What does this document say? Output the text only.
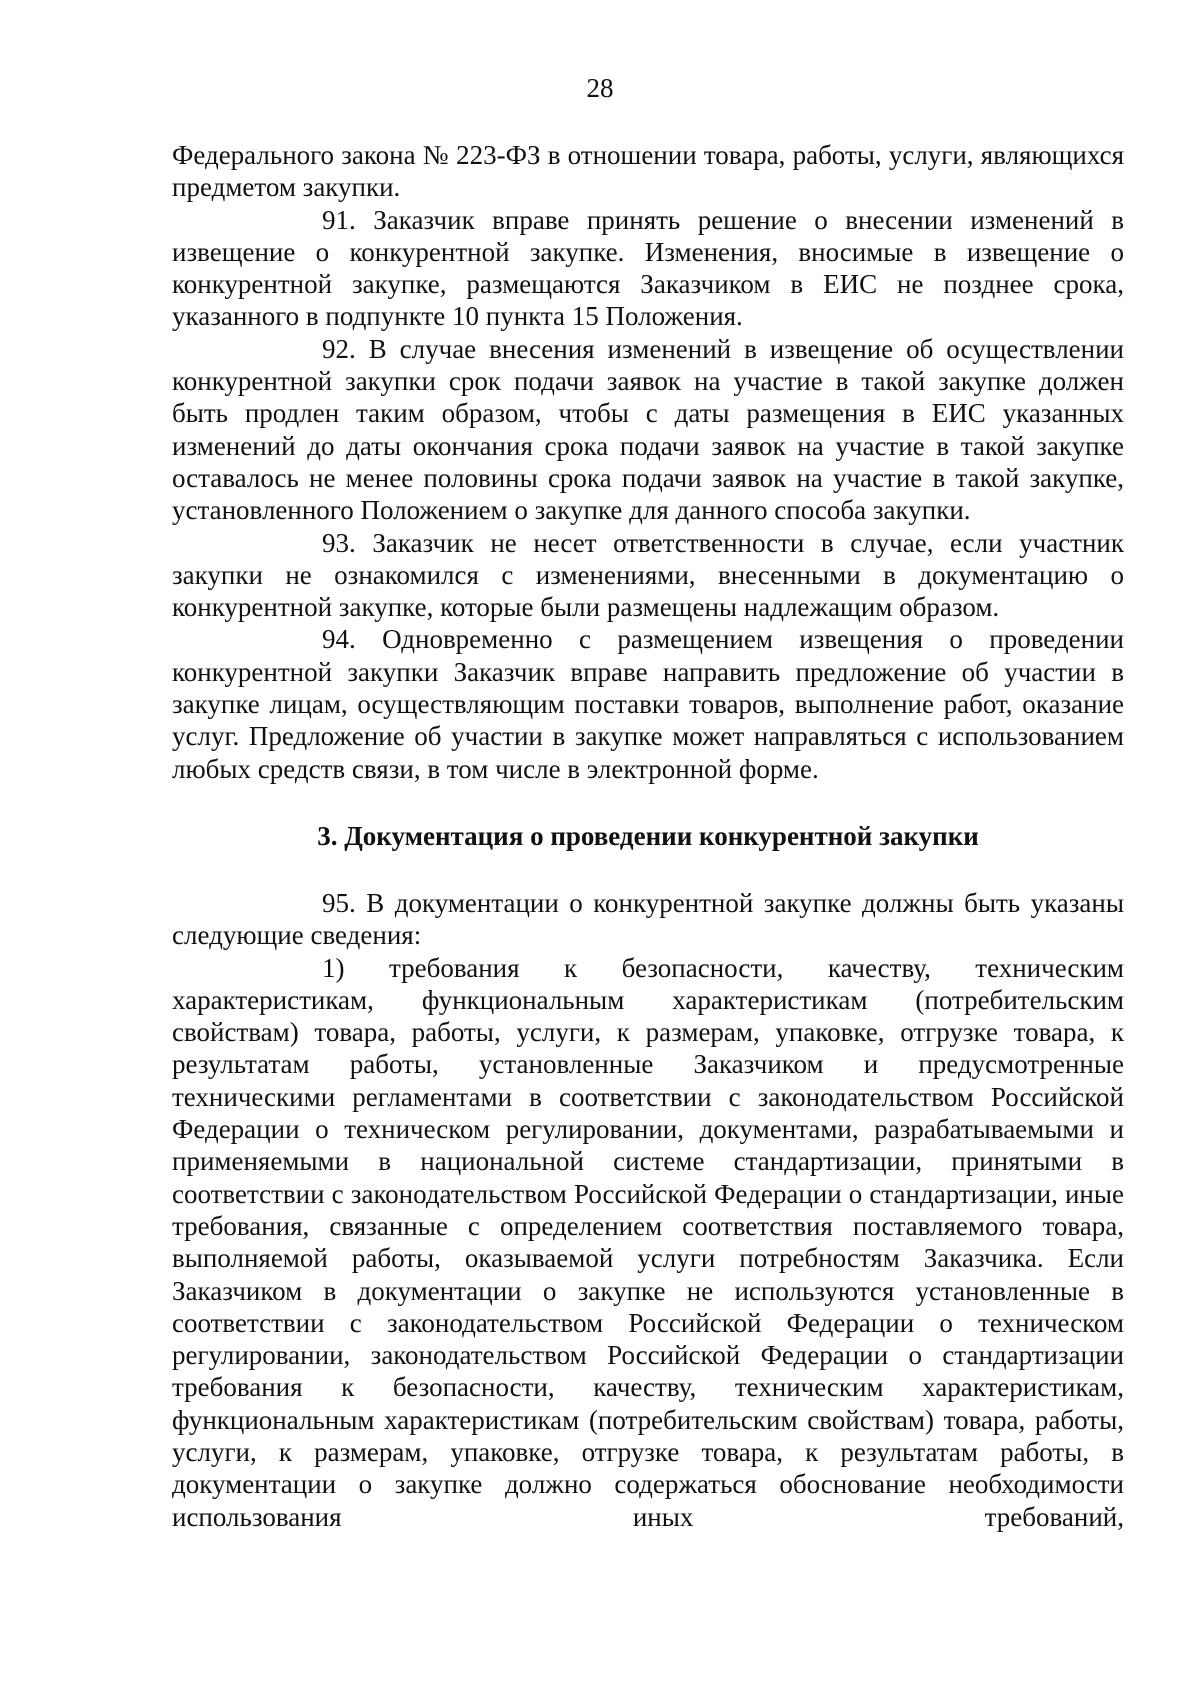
28

Федерального закона № 223-ФЗ в отношении товара, работы, услуги, являющихся предметом закупки.

91. Заказчик вправе принять решение о внесении изменений в извещение о конкурентной закупке. Изменения, вносимые в извещение о конкурентной закупке, размещаются Заказчиком в ЕИС не позднее срока, указанного в подпункте 10 пункта 15 Положения.

92. В случае внесения изменений в извещение об осуществлении конкурентной закупки срок подачи заявок на участие в такой закупке должен быть продлен таким образом, чтобы с даты размещения в ЕИС указанных изменений до даты окончания срока подачи заявок на участие в такой закупке оставалось не менее половины срока подачи заявок на участие в такой закупке, установленного Положением о закупке для данного способа закупки.

93. Заказчик не несет ответственности в случае, если участник закупки не ознакомился с изменениями, внесенными в документацию о конкурентной закупке, которые были размещены надлежащим образом.

94. Одновременно с размещением извещения о проведении конкурентной закупки Заказчик вправе направить предложение об участии в закупке лицам, осуществляющим поставки товаров, выполнение работ, оказание услуг. Предложение об участии в закупке может направляться с использованием любых средств связи, в том числе в электронной форме.

3. Документация о проведении конкурентной закупки

95. В документации о конкурентной закупке должны быть указаны следующие сведения:

1) требования к безопасности, качеству, техническим характеристикам, функциональным характеристикам (потребительским свойствам) товара, работы, услуги, к размерам, упаковке, отгрузке товара, к результатам работы, установленные Заказчиком и предусмотренные техническими регламентами в соответствии с законодательством Российской Федерации о техническом регулировании, документами, разрабатываемыми и применяемыми в национальной системе стандартизации, принятыми в соответствии с законодательством Российской Федерации о стандартизации, иные требования, связанные с определением соответствия поставляемого товара, выполняемой работы, оказываемой услуги потребностям Заказчика. Если Заказчиком в документации о закупке не используются установленные в соответствии с законодательством Российской Федерации о техническом регулировании, законодательством Российской Федерации о стандартизации требования к безопасности, качеству, техническим характеристикам, функциональным характеристикам (потребительским свойствам) товара, работы, услуги, к размерам, упаковке, отгрузке товара, к результатам работы, в документации о закупке должно содержаться обоснование необходимости использования иных требований,
